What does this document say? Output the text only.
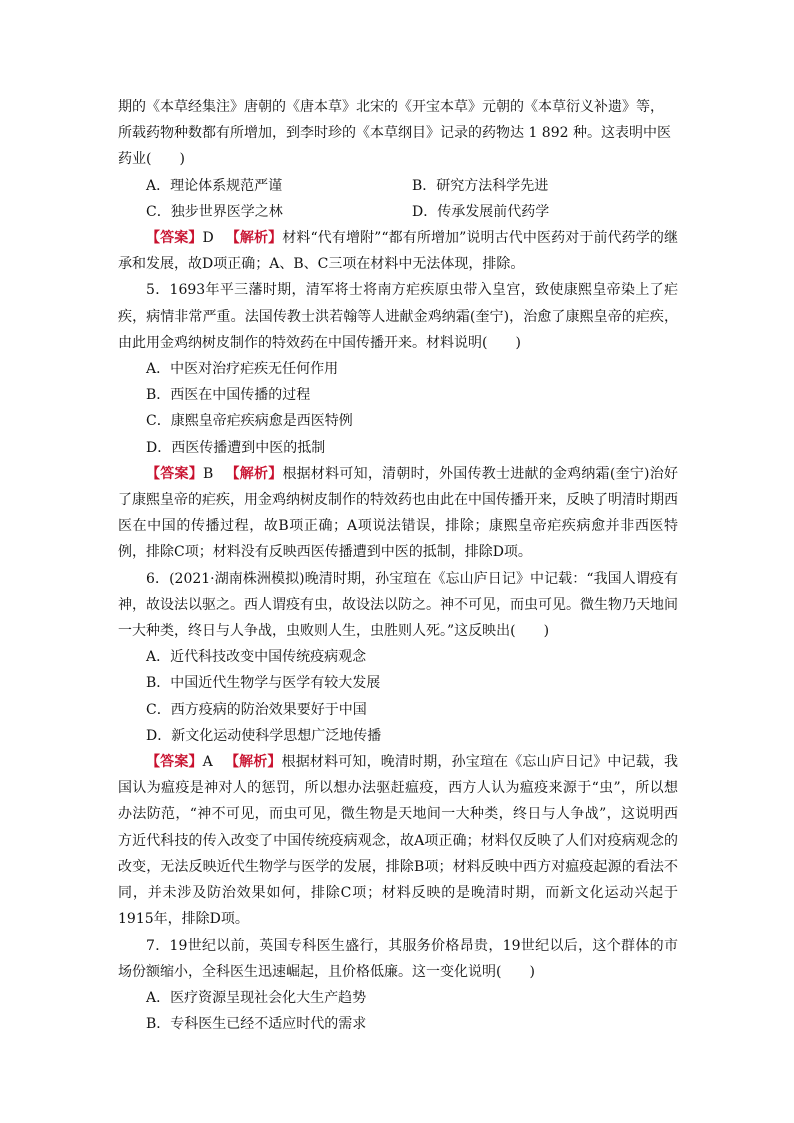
期的《本草经集注》唐朝的《唐本草》北宋的《开宝本草》元朝的《本草衍义补遗》等，

所载药物种数都有所增加，到李时珍的《本草纲目》记录的药物达 1 892 种。这表明中医

药业(　　)

A．理论体系规范严谨	B．研究方法科学先进
C．独步世界医学之林	D．传承发展前代药学

【答案】D 【解析】材料“代有增附”“都有所增加”说明古代中医药对于前代药学的继承和发展，故D项正确；A、B、C三项在材料中无法体现，排除。

5．1693年平三藩时期，清军将士将南方疟疾原虫带入皇宫，致使康熙皇帝染上了疟疾，病情非常严重。法国传教士洪若翰等人进献金鸡纳霜(奎宁)，治愈了康熙皇帝的疟疾，由此用金鸡纳树皮制作的特效药在中国传播开来。材料说明(　　)

A．中医对治疗疟疾无任何作用
B．西医在中国传播的过程
C．康熙皇帝疟疾病愈是西医特例
D．西医传播遭到中医的抵制

【答案】B 【解析】根据材料可知，清朝时，外国传教士进献的金鸡纳霜(奎宁)治好了康熙皇帝的疟疾，用金鸡纳树皮制作的特效药也由此在中国传播开来，反映了明清时期西医在中国的传播过程，故B项正确；A项说法错误，排除；康熙皇帝疟疾病愈并非西医特例，排除C项；材料没有反映西医传播遭到中医的抵制，排除D项。

6．(2021·湖南株洲模拟)晚清时期，孙宝瑄在《忘山庐日记》中记载：“我国人谓疫有神，故设法以驱之。西人谓疫有虫，故设法以防之。神不可见，而虫可见。微生物乃天地间一大种类，终日与人争战，虫败则人生，虫胜则人死。”这反映出(　　)

A．近代科技改变中国传统疫病观念
B．中国近代生物学与医学有较大发展
C．西方疫病的防治效果要好于中国
D．新文化运动使科学思想广泛地传播

【答案】A 【解析】根据材料可知，晚清时期，孙宝瑄在《忘山庐日记》中记载，我国认为瘟疫是神对人的惩罚，所以想办法驱赶瘟疫，西方人认为瘟疫来源于“虫”，所以想办法防范，“神不可见，而虫可见，微生物是天地间一大种类，终日与人争战”，这说明西方近代科技的传入改变了中国传统疫病观念，故A项正确；材料仅反映了人们对疫病观念的改变，无法反映近代生物学与医学的发展，排除B项；材料反映中西方对瘟疫起源的看法不同，并未涉及防治效果如何，排除C项；材料反映的是晚清时期，而新文化运动兴起于1915年，排除D项。

7．19世纪以前，英国专科医生盛行，其服务价格昂贵，19世纪以后，这个群体的市场份额缩小，全科医生迅速崛起，且价格低廉。这一变化说明(　　)

A．医疗资源呈现社会化大生产趋势
B．专科医生已经不适应时代的需求
